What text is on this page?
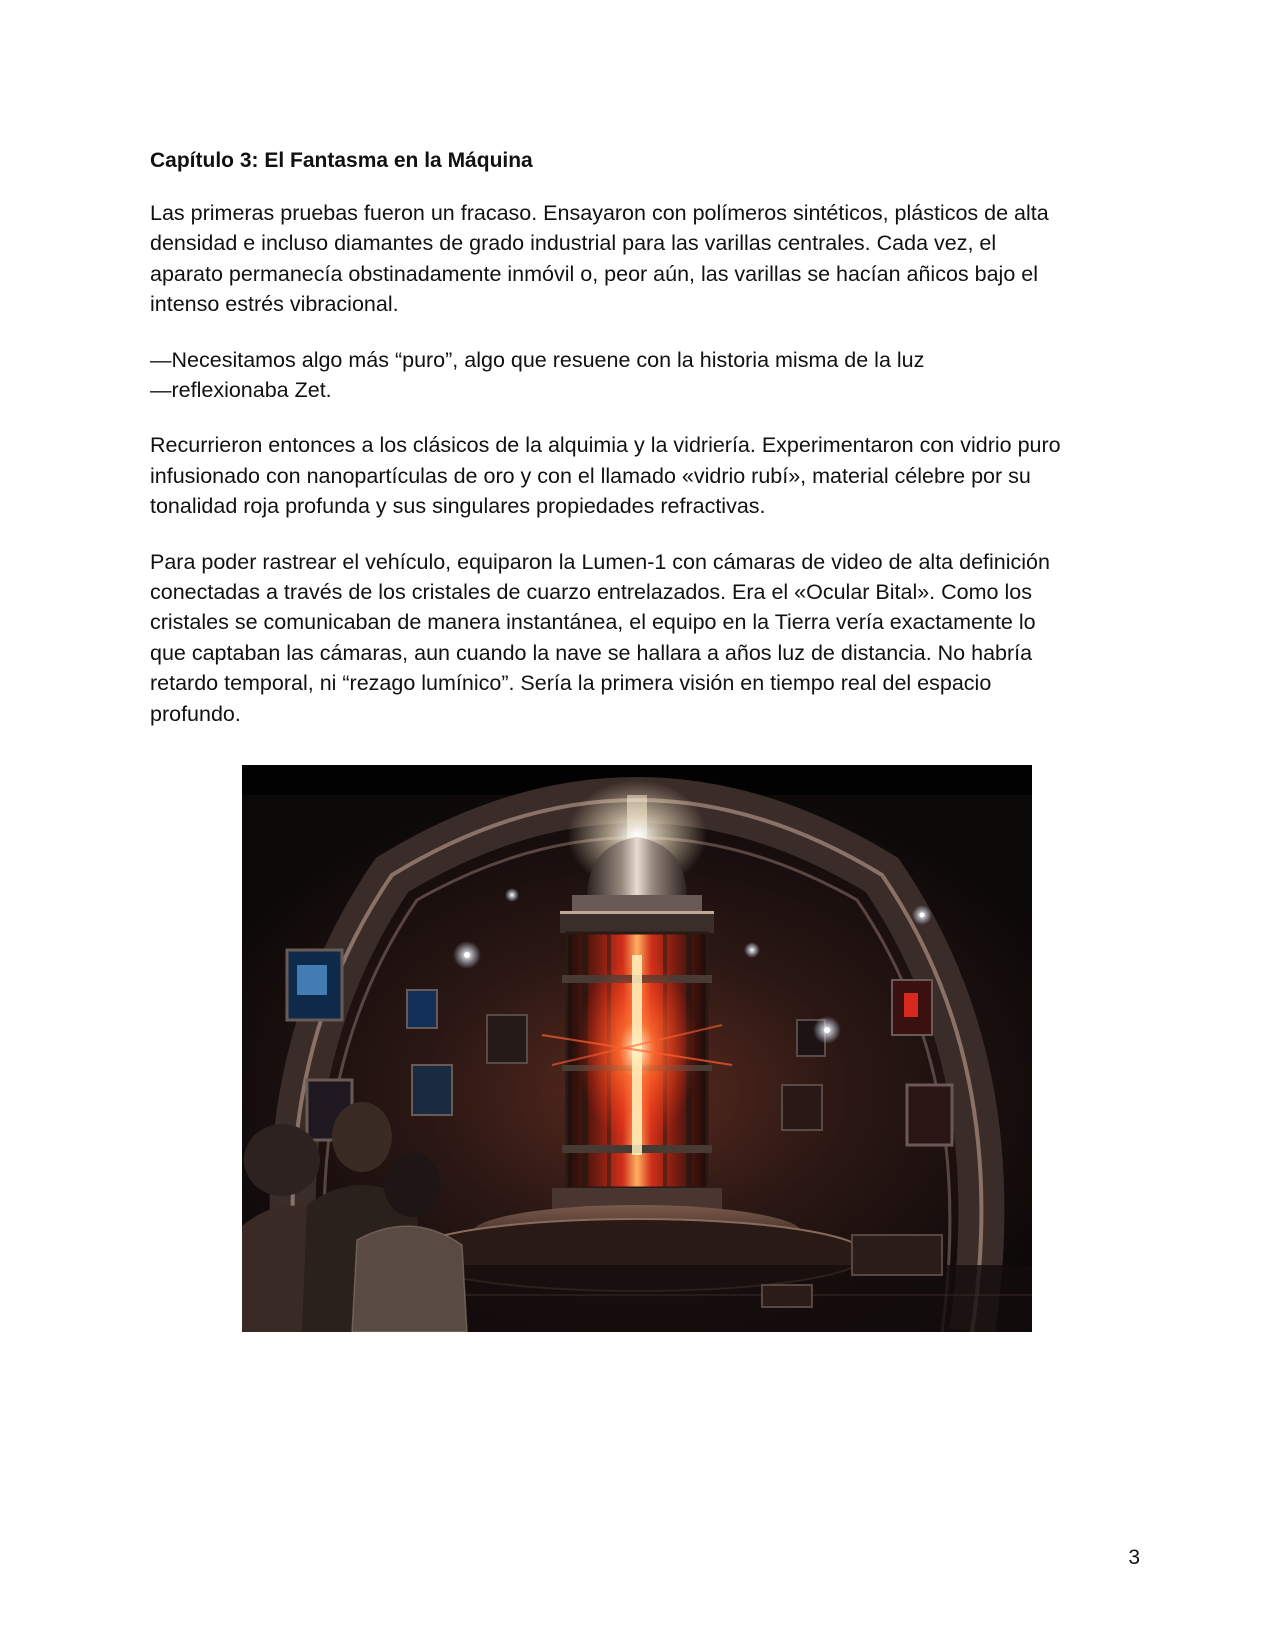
Capítulo 3: El Fantasma en la Máquina
Las primeras pruebas fueron un fracaso. Ensayaron con polímeros sintéticos, plásticos de alta
densidad e incluso diamantes de grado industrial para las varillas centrales. Cada vez, el
aparato permanecía obstinadamente inmóvil o, peor aún, las varillas se hacían añicos bajo el
intenso estrés vibracional.
—Necesitamos algo más “puro”, algo que resuene con la historia misma de la luz
—reflexionaba Zet.
Recurrieron entonces a los clásicos de la alquimia y la vidriería. Experimentaron con vidrio puro
infusionado con nanopartículas de oro y con el llamado «vidrio rubí», material célebre por su
tonalidad roja profunda y sus singulares propiedades refractivas.
Para poder rastrear el vehículo, equiparon la Lumen-1 con cámaras de video de alta definición
conectadas a través de los cristales de cuarzo entrelazados. Era el «Ocular Bital». Como los
cristales se comunicaban de manera instantánea, el equipo en la Tierra vería exactamente lo
que captaban las cámaras, aun cuando la nave se hallara a años luz de distancia. No habría
retardo temporal, ni “rezago lumínico”. Sería la primera visión en tiempo real del espacio
profundo.
3
